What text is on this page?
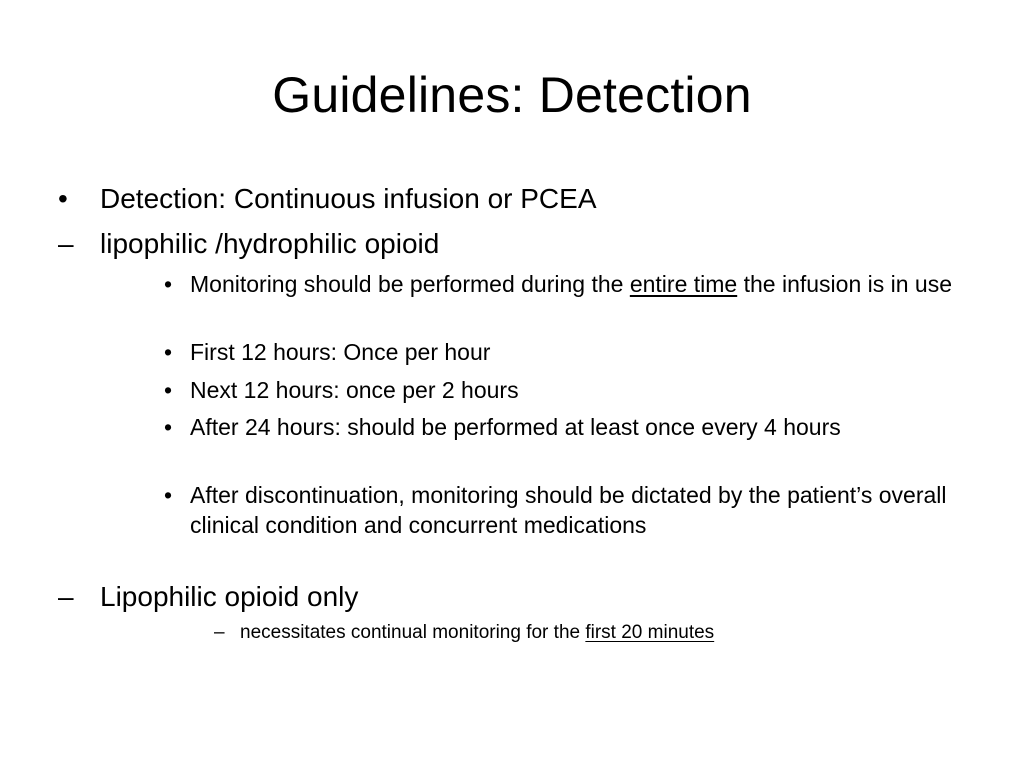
Guidelines: Detection
•	Detection: Continuous infusion or PCEA
– lipophilic /hydrophilic opioid
• Monitoring should be performed during the entire time the infusion is in use
• First 12 hours: Once per hour
• Next 12 hours: once per 2 hours
• After 24 hours: should be performed at least once every 4 hours
• After discontinuation, monitoring should be dictated by the patient’s overall clinical condition and concurrent medications
– Lipophilic opioid only
– necessitates continual monitoring for the first 20 minutes
